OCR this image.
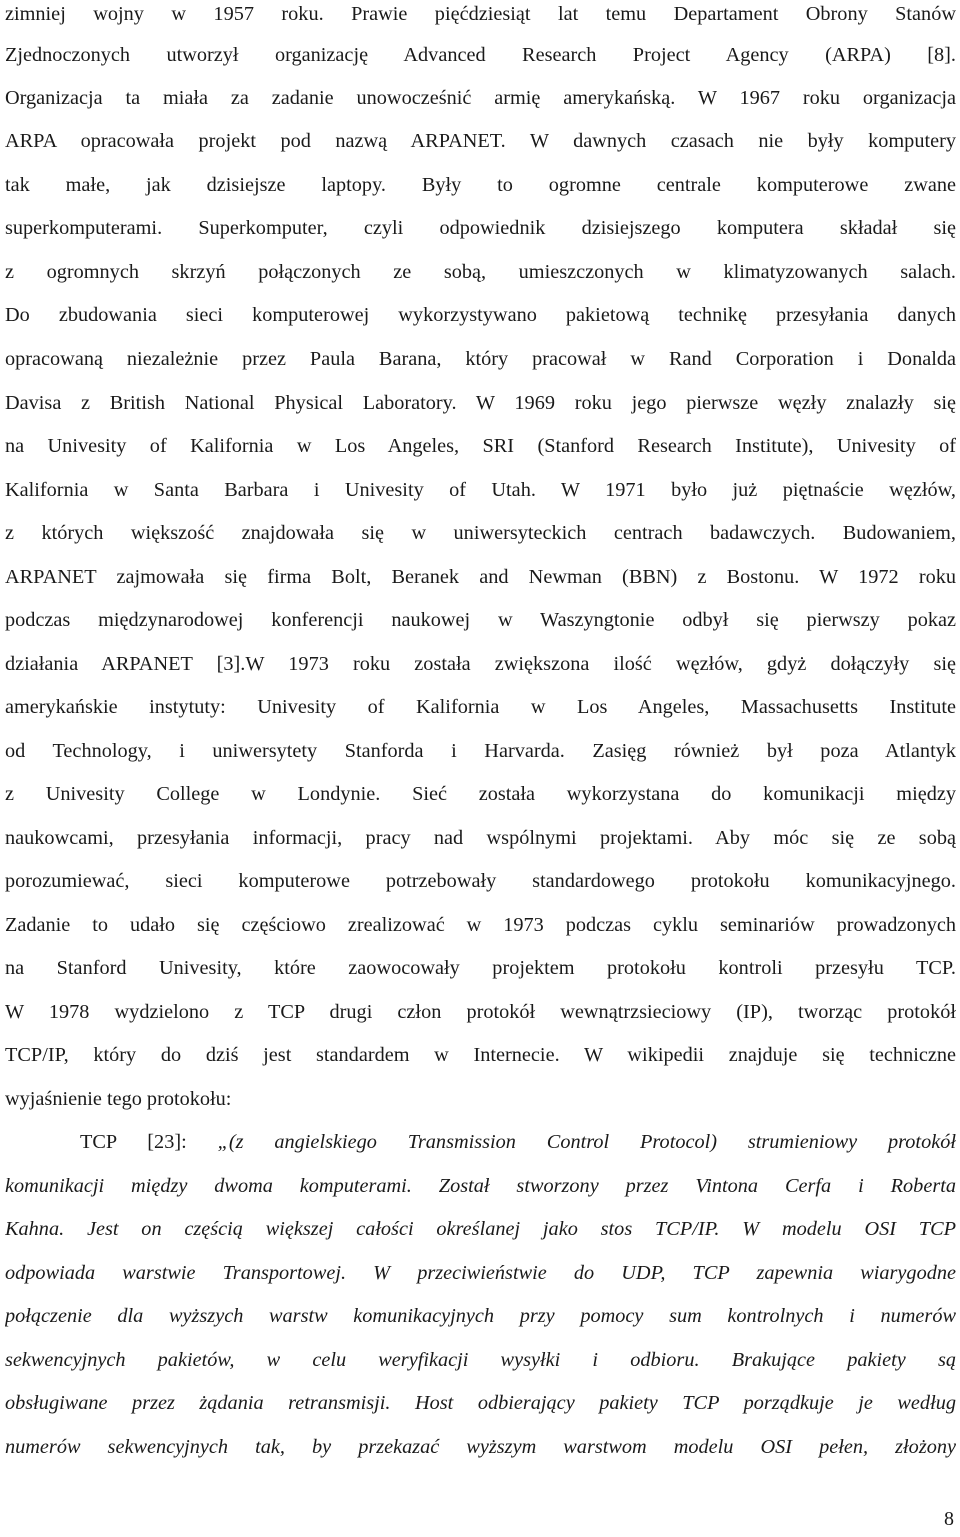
zimniej wojny w 1957 roku. Prawie pięćdziesiąt lat temu Departament Obrony Stanów
Zjednoczonych utworzył organizację Advanced Research Project Agency (ARPA) [8].
Organizacja ta miała za zadanie unowocześnić armię amerykańską. W 1967 roku organizacja
ARPA opracowała projekt pod nazwą ARPANET. W dawnych czasach nie były komputery
tak małe, jak dzisiejsze laptopy. Były to ogromne centrale komputerowe zwane
superkomputerami. Superkomputer, czyli odpowiednik dzisiejszego komputera składał się
z ogromnych skrzyń połączonych ze sobą, umieszczonych w klimatyzowanych salach.
Do zbudowania sieci komputerowej wykorzystywano pakietową technikę przesyłania danych
opracowaną niezależnie przez Paula Barana, który pracował w Rand Corporation i Donalda
Davisa z British National Physical Laboratory. W 1969 roku jego pierwsze węzły znalazły się
na Univesity of Kalifornia w Los Angeles, SRI (Stanford Research Institute), Univesity of
Kalifornia w Santa Barbara i Univesity of Utah. W 1971 było już piętnaście węzłów,
z których większość znajdowała się w uniwersyteckich centrach badawczych. Budowaniem,
ARPANET zajmowała się firma Bolt, Beranek and Newman (BBN) z Bostonu. W 1972 roku
podczas międzynarodowej konferencji naukowej w Waszyngtonie odbył się pierwszy pokaz
działania ARPANET [3].W 1973 roku została zwiększona ilość węzłów, gdyż dołączyły się
amerykańskie instytuty: Univesity of Kalifornia w Los Angeles, Massachusetts Institute
od Technology, i uniwersytety Stanforda i Harvarda. Zasięg również był poza Atlantyk
z Univesity College w Londynie. Sieć została wykorzystana do komunikacji między
naukowcami, przesyłania informacji, pracy nad wspólnymi projektami. Aby móc się ze sobą
porozumiewać, sieci komputerowe potrzebowały standardowego protokołu komunikacyjnego.
Zadanie to udało się częściowo zrealizować w 1973 podczas cyklu seminariów prowadzonych
na Stanford Univesity, które zaowocowały projektem protokołu kontroli przesyłu TCP.
W 1978 wydzielono z TCP drugi człon protokół wewnątrzsieciowy (IP), tworząc protokół
TCP/IP, który do dziś jest standardem w Internecie. W wikipedii znajduje się techniczne
wyjaśnienie tego protokołu:
TCP [23]: „(z angielskiego Transmission Control Protocol) strumieniowy protokół
komunikacji między dwoma komputerami. Został stworzony przez Vintona Cerfa i Roberta
Kahna. Jest on częścią większej całości określanej jako stos TCP/IP. W modelu OSI TCP
odpowiada warstwie Transportowej. W przeciwieństwie do UDP, TCP zapewnia wiarygodne
połączenie dla wyższych warstw komunikacyjnych przy pomocy sum kontrolnych i numerów
sekwencyjnych pakietów, w celu weryfikacji wysyłki i odbioru. Brakujące pakiety są
obsługiwane przez żądania retransmisji. Host odbierający pakiety TCP porządkuje je według
numerów sekwencyjnych tak, by przekazać wyższym warstwom modelu OSI pełen, złożony
8
